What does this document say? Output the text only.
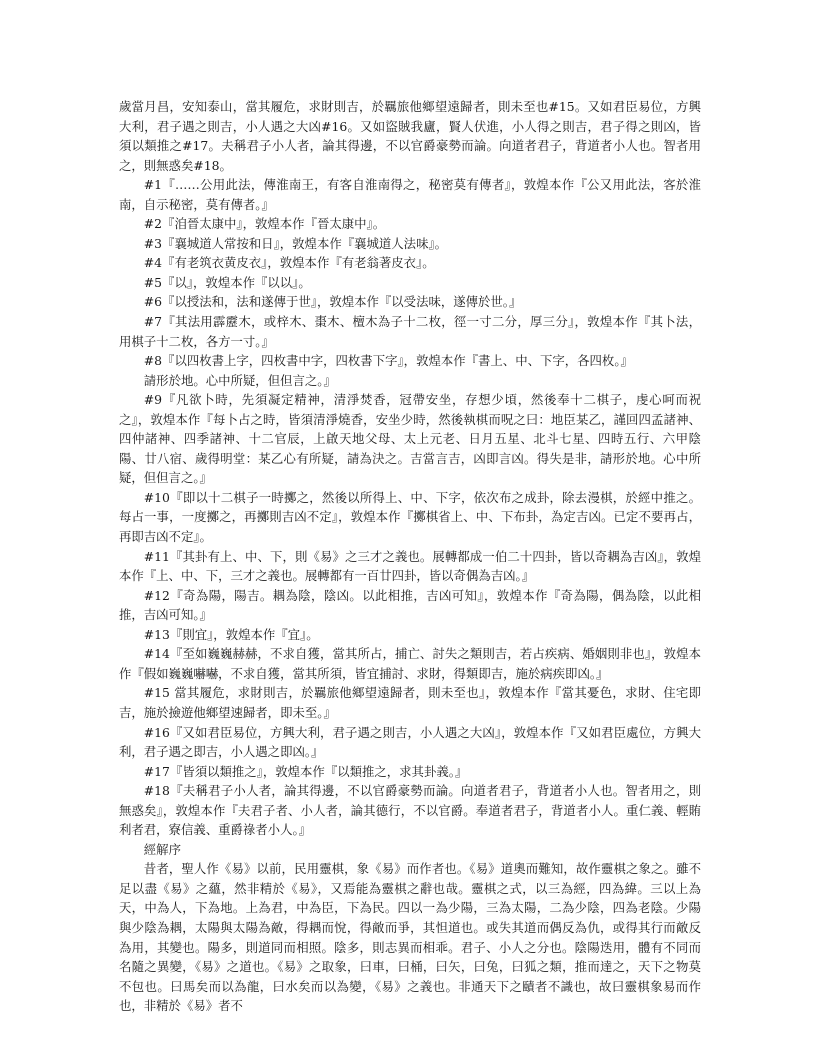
歲當月昌，安知泰山，當其履危，求財則吉，於羈旅他鄉望遠歸者，則未至也#15。又如君臣易位，方興大利，君子遇之則吉，小人遇之大凶#16。又如盜賊我廬，賢人伏進，小人得之則吉，君子得之則凶，皆須以類推之#17。夫稱君子小人者，論其得邊，不以官爵豪勢而論。向道者君子，背道者小人也。智者用之，則無惑矣#18。

#1『……公用此法，傳淮南王，有客自淮南得之，秘密莫有傳者』，敦煌本作『公又用此法，客於淮南，自示秘密，莫有傳者。』

#2『洎晉太康中』，敦煌本作『晉太康中』。

#3『襄城道人常按和日』，敦煌本作『襄城道人法味』。

#4『有老筑衣黄皮衣』，敦煌本作『有老翁著皮衣』。

#5『以』，敦煌本作『以以』。

#6『以授法和，法和遂傳于世』，敦煌本作『以受法味，遂傳於世。』

#7『其法用霹靂木，或梓木、棗木、檀木為子十二枚，徑一寸二分，厚三分』，敦煌本作『其卜法，用棋子十二枚，各方一寸。』

#8『以四枚書上字，四枚書中字，四枚書下字』，敦煌本作『書上、中、下字，各四枚。』

請形於地。心中所疑，但但言之。』

#9『凡欲卜時，先須凝定精神，清淨焚香，冠帶安坐，存想少頃，然後奉十二棋子，虔心呵而祝之』，敦煌本作『每卜占之時，皆須清淨燒香，安坐少時，然後執棋而呪之曰：地臣某乙，謹回四孟諸神、四仲諸神、四季諸神、十二官辰，上啟天地父母、太上元老、日月五星、北斗七星、四時五行、六甲陰陽、廿八宿、歲得明堂：某乙心有所疑，請為決之。吉當言吉，凶即言凶。得失是非，請形於地。心中所疑，但但言之。』

#10『即以十二棋子一時擲之，然後以所得上、中、下字，依次布之成卦，除去漫棋，於經中推之。每占一事，一度擲之，再擲則吉凶不定』，敦煌本作『擲棋省上、中、下布卦，為定吉凶。已定不要再占，再即吉凶不定』。

#11『其卦有上、中、下，則《易》之三才之義也。展轉都成一伯二十四卦，皆以奇耦為吉凶』，敦煌本作『上、中、下，三才之義也。展轉都有一百廿四卦，皆以奇偶為吉凶。』

#12『奇為陽，陽吉。耦為陰，陰凶。以此相推，吉凶可知』，敦煌本作『奇為陽，偶為陰，以此相推，吉凶可知。』

#13『則宜』，敦煌本作『宜』。

#14『至如巍巍赫赫，不求自獲，當其所占，捕亡、討失之類則吉，若占疾病、婚姻則非也』，敦煌本作『假如巍巍嚇嚇，不求自獲，當其所須，皆宜捕討、求財，得類即吉，施於病疾即凶。』

#15 當其履危，求財則吉，於羈旅他鄉望遠歸者，則未至也』，敦煌本作『當其憂色，求財、住宅即吉，施於撿遊他鄉望速歸者，即未至。』

#16『又如君臣易位，方興大利，君子遇之則吉，小人遇之大凶』，敦煌本作『又如君臣處位，方興大利，君子遇之即吉，小人遇之即凶。』

#17『皆須以類推之』，敦煌本作『以類推之，求其卦義。』

#18『夫稱君子小人者，論其得邊，不以官爵豪勢而論。向道者君子，背道者小人也。智者用之，則無惑矣』，敦煌本作『夫君子者、小人者，論其德行，不以官爵。奉道者君子，背道者小人。重仁義、輕賄利者君，寮信義、重爵祿者小人。』

經解序

昔者，聖人作《易》以前，民用靈棋，象《易》而作者也。《易》道奧而難知，故作靈棋之象之。雖不足以盡《易》之蘊，然非精於《易》，又焉能為靈棋之辭也哉。靈棋之式，以三為經，四為緯。三以上為天，中為人，下為地。上為君，中為臣，下為民。四以一為少陽，三為太陽，二為少陰，四為老陰。少陽與少陰為耦，太陽與太陽為敵，得耦而悅，得敵而爭，其怛道也。或失其道而偶反為仇，或得其行而敵反為用，其變也。陽多，則道同而相照。陰多，則志異而相乖。君子、小人之分也。陰陽迭用，體有不同而名隨之異變，《易》之道也。《易》之取象，曰車，曰桶，曰矢，曰兔，曰狐之類，推而達之，天下之物莫不包也。曰馬矣而以為龍，曰水矣而以為變，《易》之義也。非通天下之賾者不識也，故曰靈棋象易而作也，非精於《易》者不
